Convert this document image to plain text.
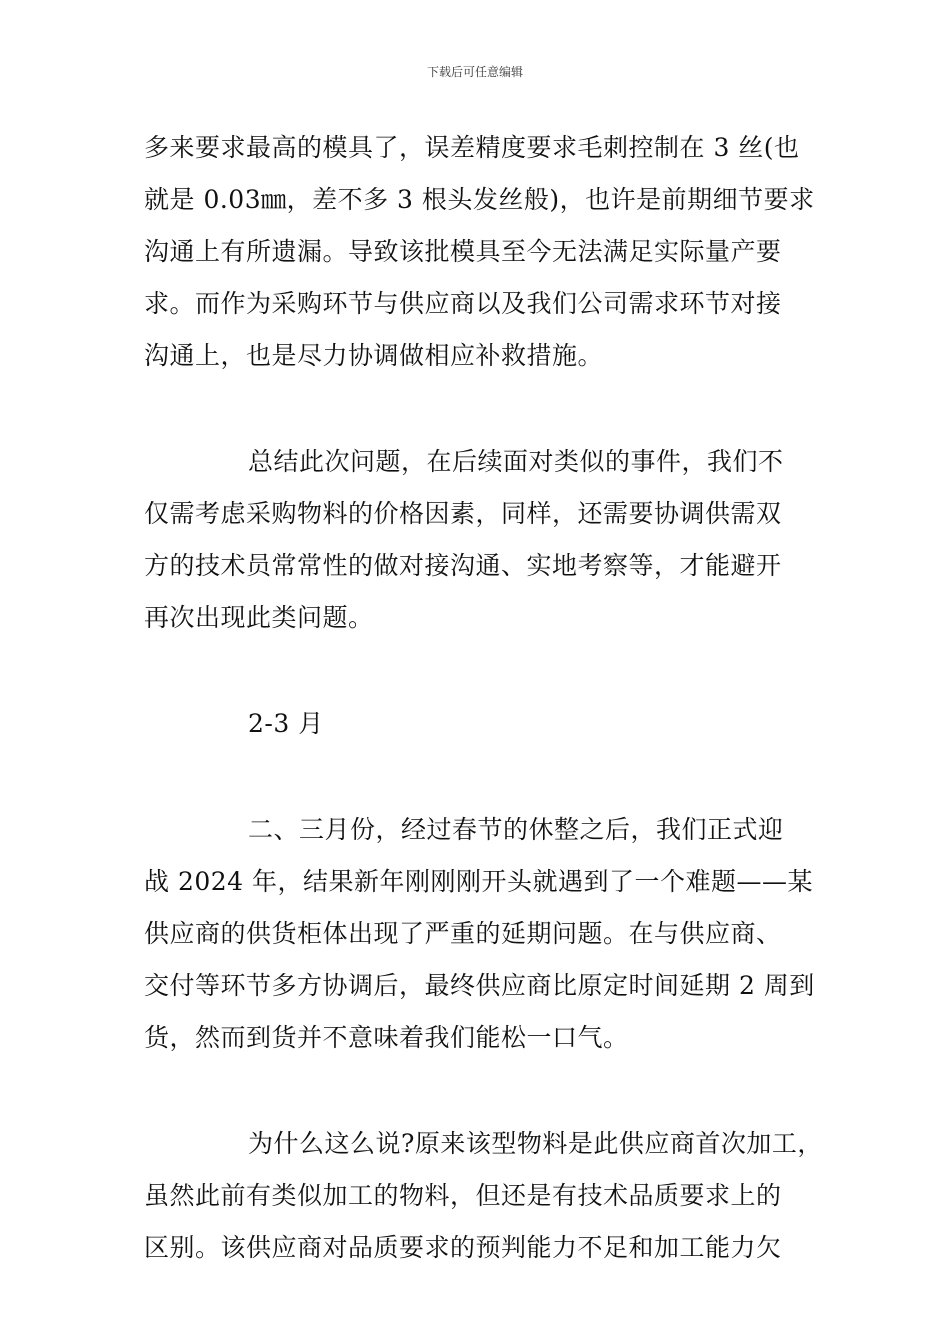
下载后可任意编辑
多来要求最高的模具了，误差精度要求毛刺控制在 3 丝(也
就是 0.03㎜，差不多 3 根头发丝般)，也许是前期细节要求
沟通上有所遗漏。导致该批模具至今无法满足实际量产要
求。而作为采购环节与供应商以及我们公司需求环节对接
沟通上，也是尽力协调做相应补救措施。
总结此次问题，在后续面对类似的事件，我们不
仅需考虑采购物料的价格因素，同样，还需要协调供需双
方的技术员常常性的做对接沟通、实地考察等，才能避开
再次出现此类问题。
2-3 月
二、三月份，经过春节的休整之后，我们正式迎
战 2024 年，结果新年刚刚刚开头就遇到了一个难题——某
供应商的供货柜体出现了严重的延期问题。在与供应商、
交付等环节多方协调后，最终供应商比原定时间延期 2 周到
货，然而到货并不意味着我们能松一口气。
为什么这么说?原来该型物料是此供应商首次加工，
虽然此前有类似加工的物料，但还是有技术品质要求上的
区别。该供应商对品质要求的预判能力不足和加工能力欠
